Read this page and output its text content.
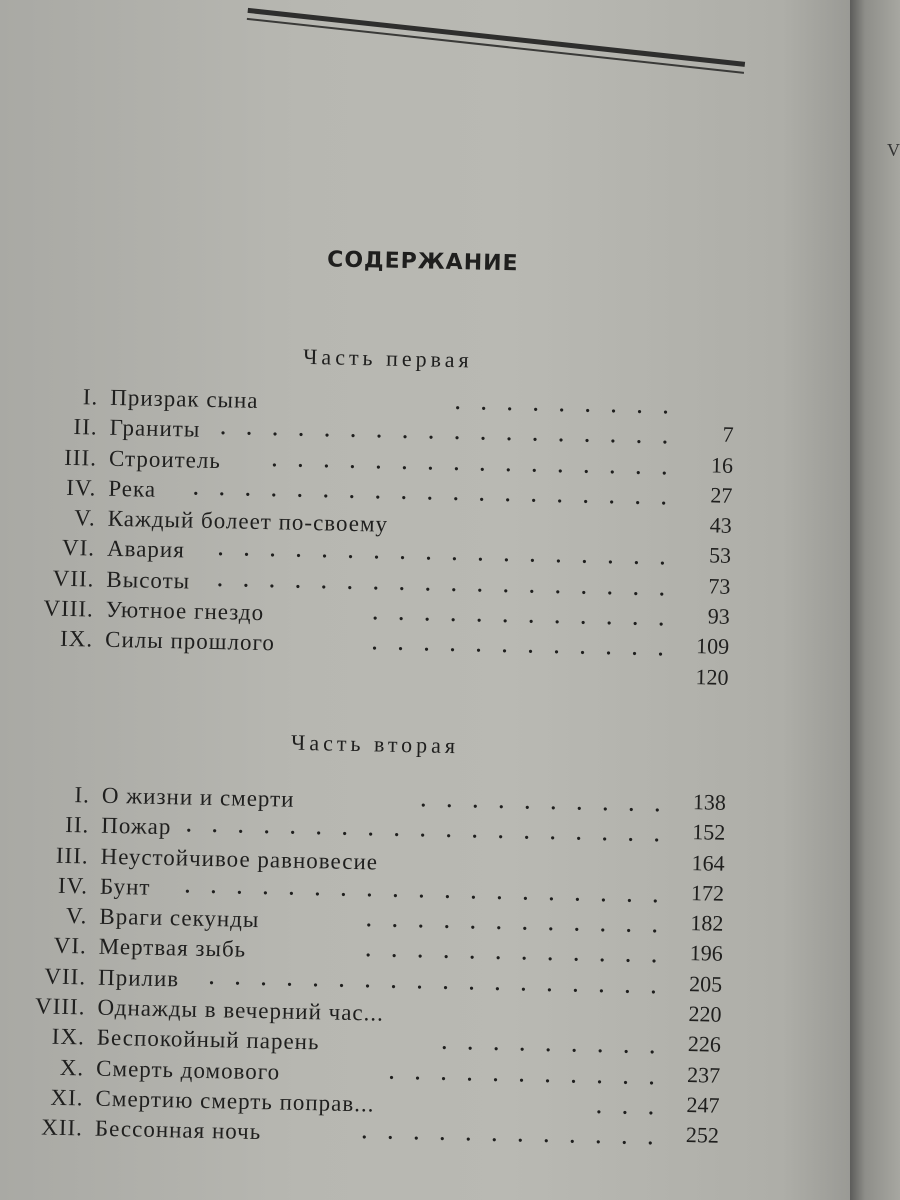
СОДЕРЖАНИЕ
Часть первая
I. Призрак сына	. . . . . . . . .
II. Граниты . . . . . . . . . . . . . . . . . . 7
III. Строитель	. . . . . . . . . . . . . . . . 16
IV. Река . . . . . . . . . . . . . . . . . . . 27
V. Каждый болеет по-своему	43
VI. Авария . . . . . . . . . . . . . . . . . . 53
VII. Высоты . . . . . . . . . . . . . . . . . . 73
VIII. Уютное гнездо	. . . . . . . . . . . . 93
IX. Силы прошлого	. . . . . . . . . . . . 109
120
Часть вторая
I. О жизни и смерти	. . . . . . . . . . 138
II. Пожар . . . . . . . . . . . . . . . . . . . 152
III. Неустойчивое равновесие	164
IV. Бунт . . . . . . . . . . . . . . . . . . . 172
V. Враги секунды	. . . . . . . . . . . . 182
VI. Мертвая зыбь	. . . . . . . . . . . . 196
VII. Прилив . . . . . . . . . . . . . . . . . . 205
VIII. Однажды в вечерний час...	220
IX. Беспокойный парень	. . . . . . . . . 226
X. Смерть домового	. . . . . . . . . . . 237
XI. Смертию смерть поправ...	. . . 247
XII. Бессонная ночь	. . . . . . . . . . . . 252
V
